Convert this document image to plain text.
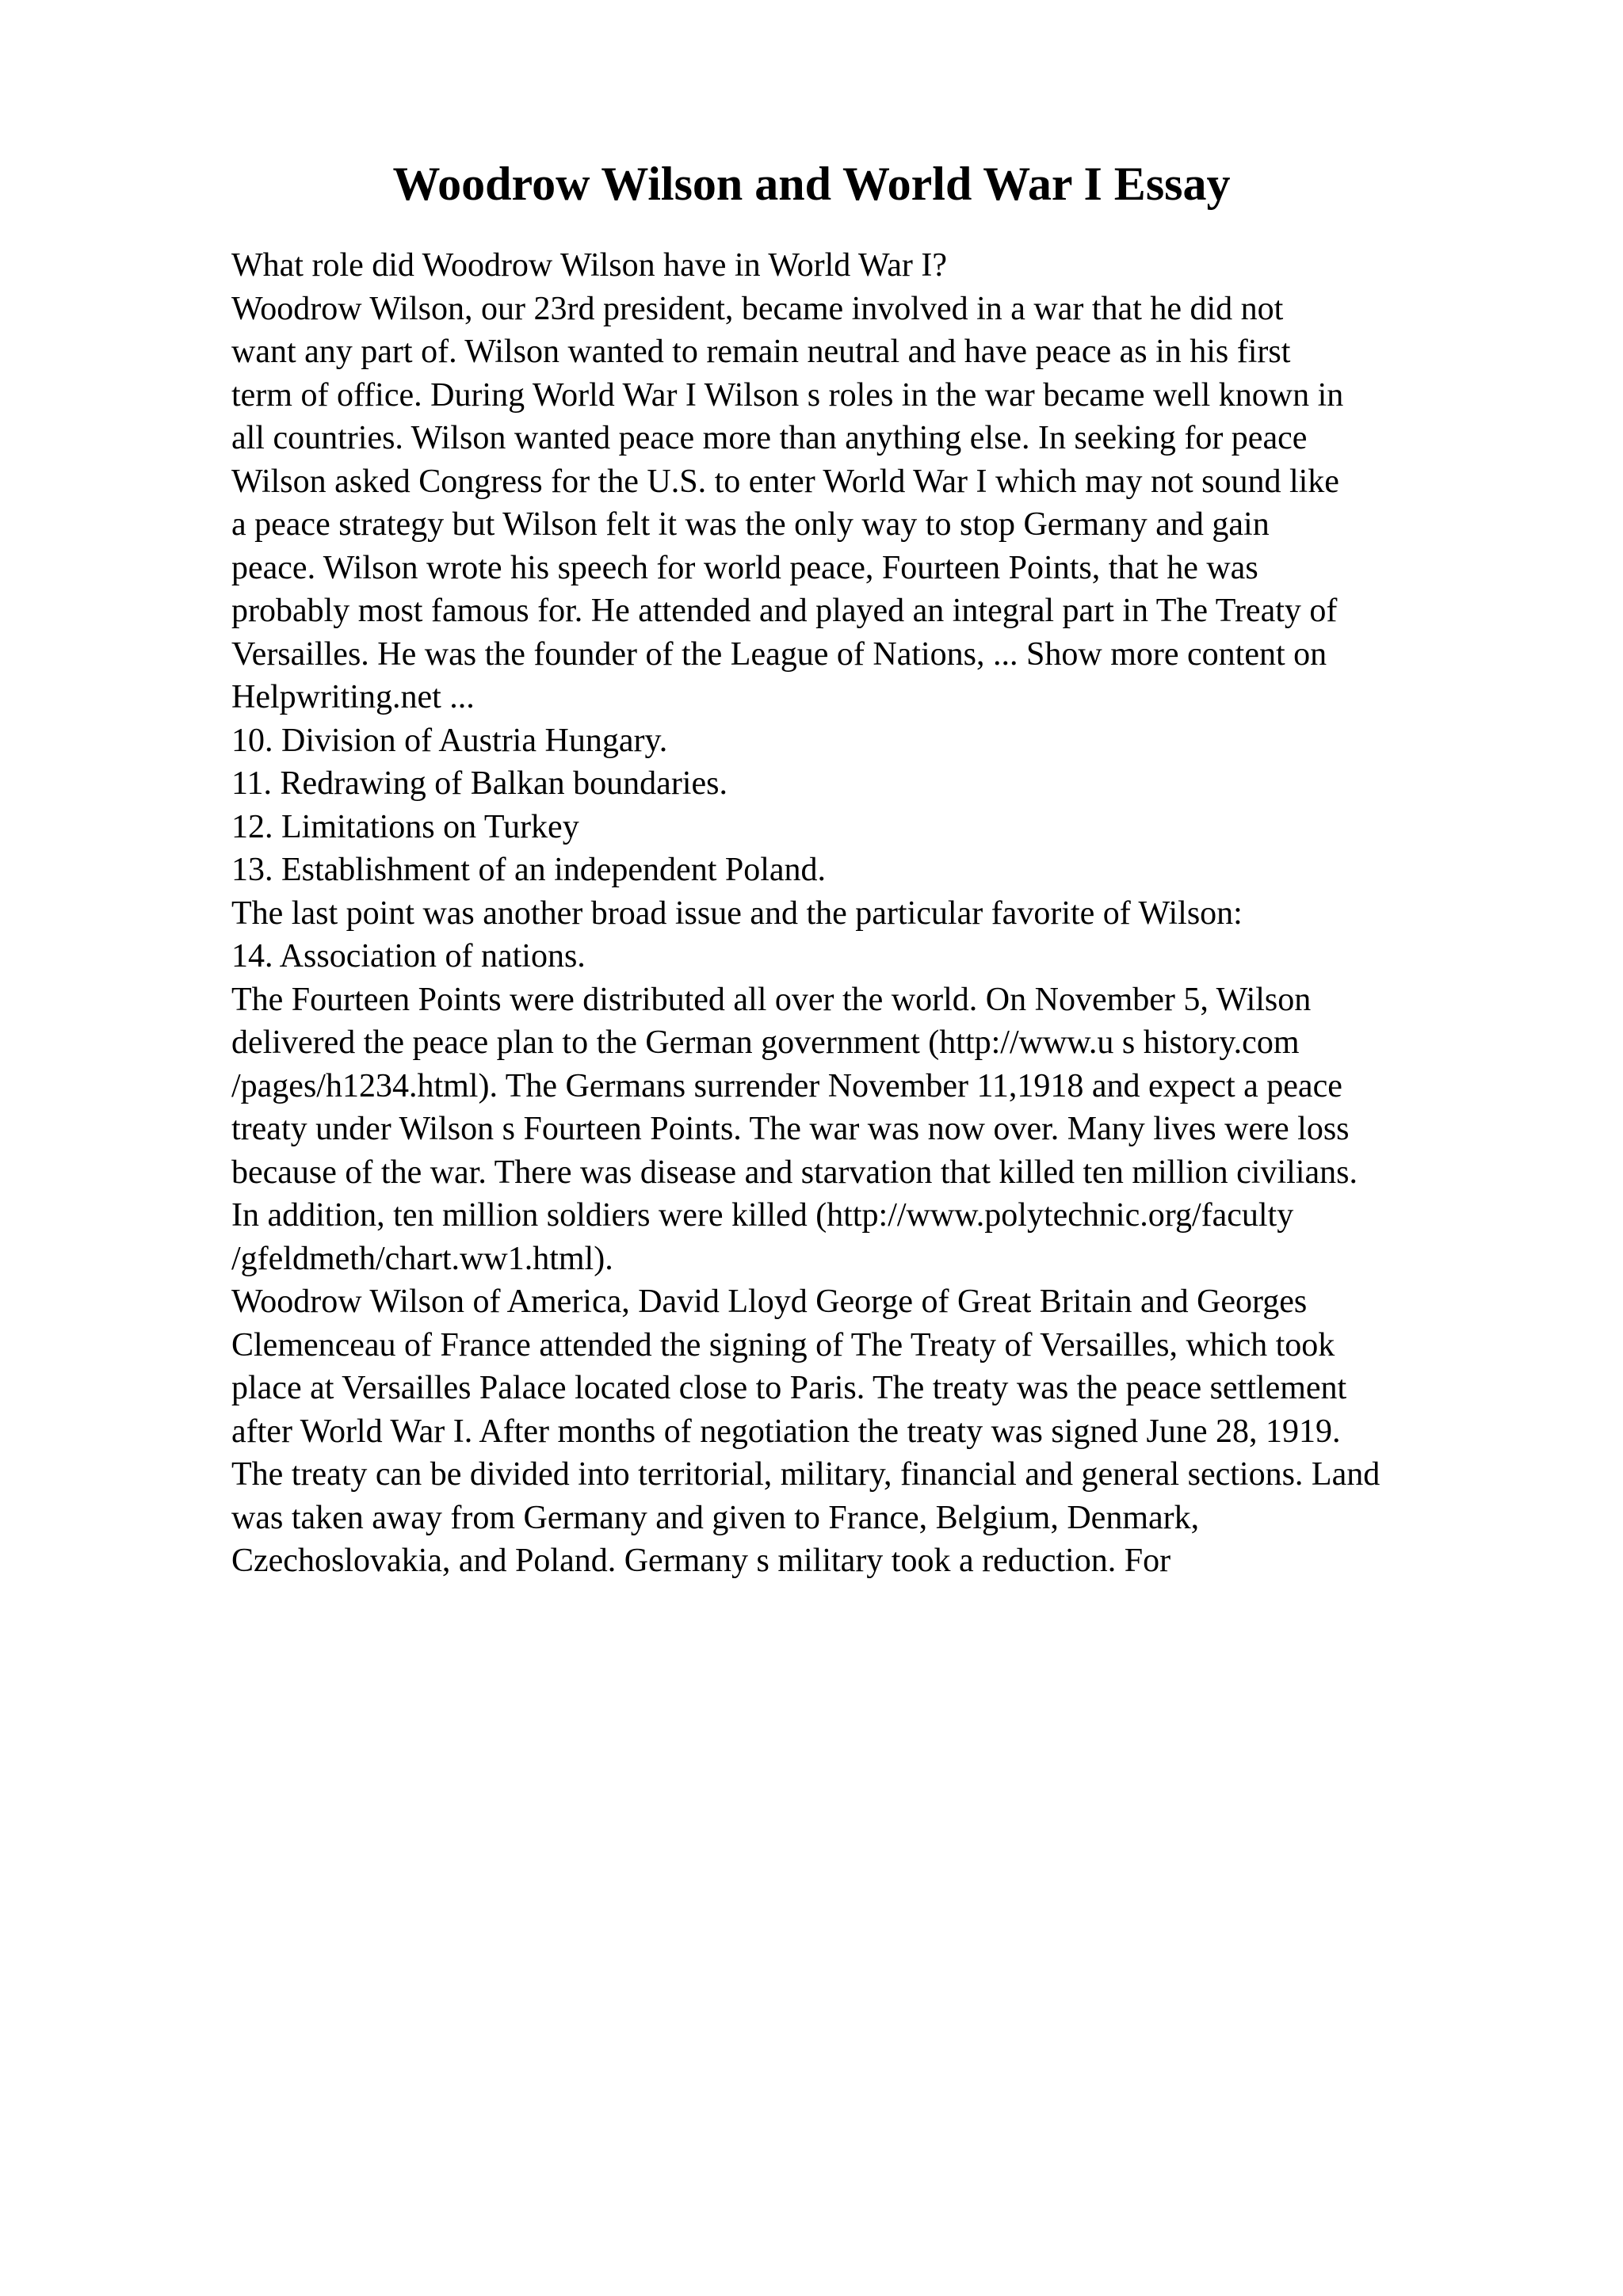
Woodrow Wilson and World War I Essay
What role did Woodrow Wilson have in World War I?
Woodrow Wilson, our 23rd president, became involved in a war that he did not
want any part of. Wilson wanted to remain neutral and have peace as in his first
term of office. During World War I Wilson s roles in the war became well known in
all countries. Wilson wanted peace more than anything else. In seeking for peace
Wilson asked Congress for the U.S. to enter World War I which may not sound like
a peace strategy but Wilson felt it was the only way to stop Germany and gain
peace. Wilson wrote his speech for world peace, Fourteen Points, that he was
probably most famous for. He attended and played an integral part in The Treaty of
Versailles. He was the founder of the League of Nations, ... Show more content on
Helpwriting.net ...
10. Division of Austria Hungary.
11. Redrawing of Balkan boundaries.
12. Limitations on Turkey
13. Establishment of an independent Poland.
The last point was another broad issue and the particular favorite of Wilson:
14. Association of nations.
The Fourteen Points were distributed all over the world. On November 5, Wilson
delivered the peace plan to the German government (http://www.u s history.com
/pages/h1234.html). The Germans surrender November 11,1918 and expect a peace
treaty under Wilson s Fourteen Points. The war was now over. Many lives were loss
because of the war. There was disease and starvation that killed ten million civilians.
In addition, ten million soldiers were killed (http://www.polytechnic.org/faculty
/gfeldmeth/chart.ww1.html).
Woodrow Wilson of America, David Lloyd George of Great Britain and Georges
Clemenceau of France attended the signing of The Treaty of Versailles, which took
place at Versailles Palace located close to Paris. The treaty was the peace settlement
after World War I. After months of negotiation the treaty was signed June 28, 1919.
The treaty can be divided into territorial, military, financial and general sections. Land
was taken away from Germany and given to France, Belgium, Denmark,
Czechoslovakia, and Poland. Germany s military took a reduction. For
